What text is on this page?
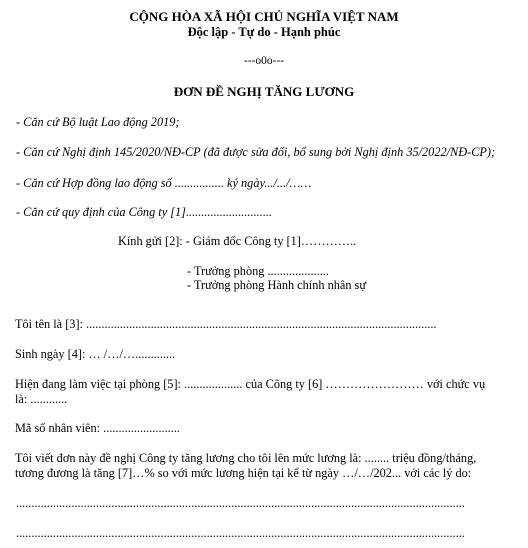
CỘNG HÒA XÃ HỘI CHỦ NGHĨA VIỆT NAM
Độc lập - Tự do - Hạnh phúc
---o0o---
ĐƠN ĐỀ NGHỊ TĂNG LƯƠNG
- Căn cứ Bộ luật Lao động 2019;
- Căn cứ Nghị định 145/2020/NĐ-CP (đã được sửa đổi, bổ sung bởi Nghị định 35/2022/NĐ-CP);
- Căn cứ Hợp đồng lao động số ................ ký ngày.../.../……
- Căn cứ quy định của Công ty [1]............................
Kính gửi [2]: - Giám đốc Công ty [1]…………..
- Trưởng phòng ....................
- Trưởng phòng Hành chính nhân sự
Tôi tên là [3]: ..................................................................................................................
Sinh ngày [4]: … /…/….............
Hiện đang làm việc tại phòng [5]: ................... của Công ty [6] …………………… với chức vụ
là: ............
Mã số nhân viên: .........................
Tôi viết đơn này đề nghị Công ty tăng lương cho tôi lên mức lương là: ........ triệu đồng/tháng,
tương đương là tăng [7]…% so với mức lương hiện tại kể từ ngày …/…/202... với các lý do:
..................................................................................................................................................
..................................................................................................................................................
